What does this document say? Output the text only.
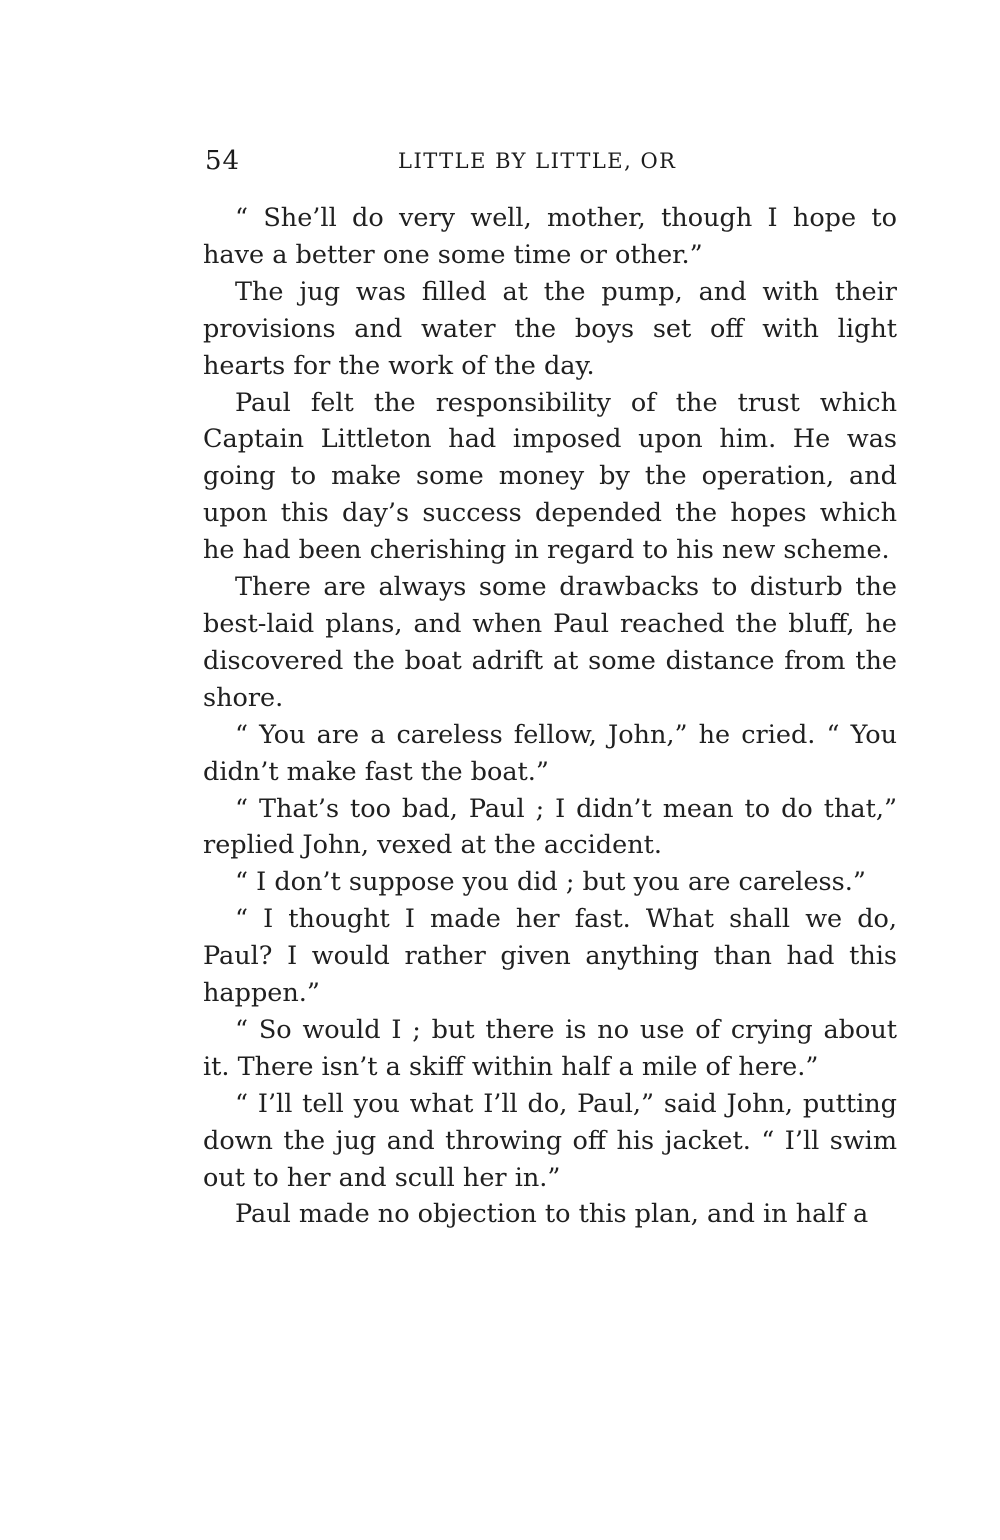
54	LITTLE BY LITTLE, OR

“ She’ll do very well, mother, though I hope to have a better one some time or other.”

The jug was filled at the pump, and with their provisions and water the boys set off with light hearts for the work of the day.

Paul felt the responsibility of the trust which Captain Littleton had imposed upon him. He was going to make some money by the operation, and upon this day’s success depended the hopes which he had been cherishing in regard to his new scheme.

There are always some drawbacks to disturb the best-laid plans, and when Paul reached the bluff, he discovered the boat adrift at some distance from the shore.

“ You are a careless fellow, John,” he cried. “ You didn’t make fast the boat.”

“ That’s too bad, Paul ; I didn’t mean to do that,” replied John, vexed at the accident.

“ I don’t suppose you did ; but you are careless.”

“ I thought I made her fast. What shall we do, Paul? I would rather given anything than had this happen.”

“ So would I ; but there is no use of crying about it. There isn’t a skiff within half a mile of here.”

“ I’ll tell you what I’ll do, Paul,” said John, putting down the jug and throwing off his jacket. “ I’ll swim out to her and scull her in.”

Paul made no objection to this plan, and in half a
